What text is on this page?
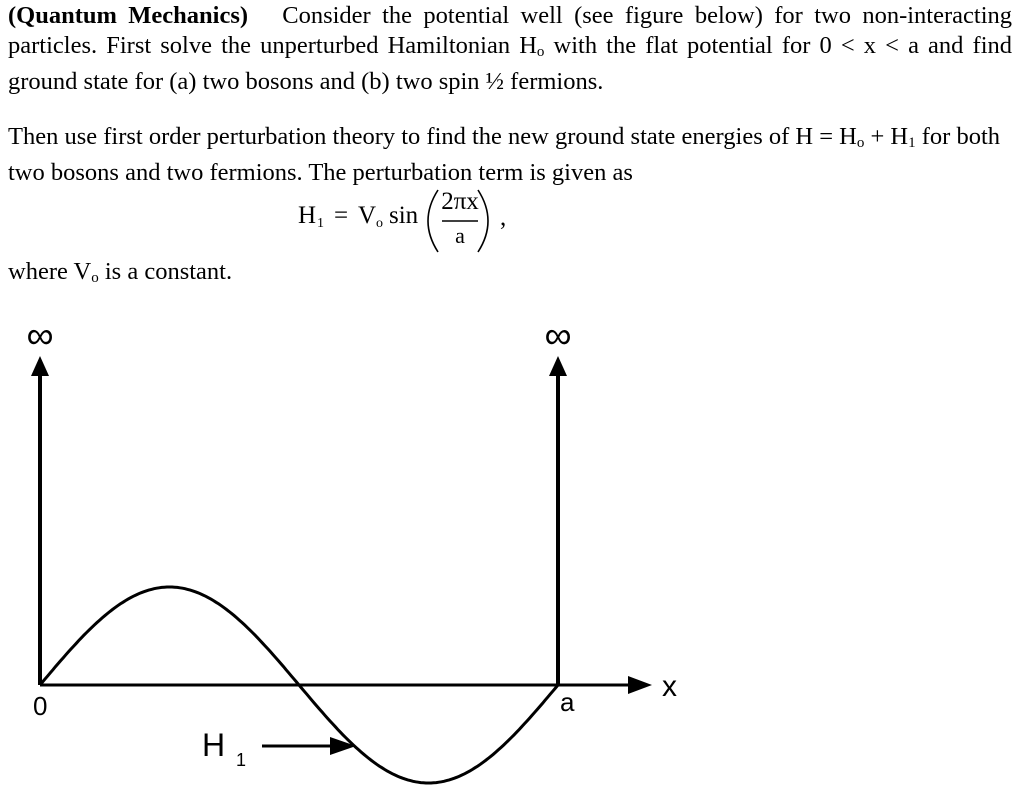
(Quantum Mechanics) Consider the potential well (see figure below) for two non-interacting particles. First solve the unperturbed Hamiltonian $H_o$ with the flat potential for 0 < x < a and find ground state for (a) two bosons and (b) two spin ½ fermions.

Then use first order perturbation theory to find the new ground state energies of $H = H_o + H_1$ for both two bosons and two fermions. The perturbation term is given as

H 1 = V o sin
2πx
a
,

where $V_o$ is a constant.

∞	∞
x
0	a
H 1
